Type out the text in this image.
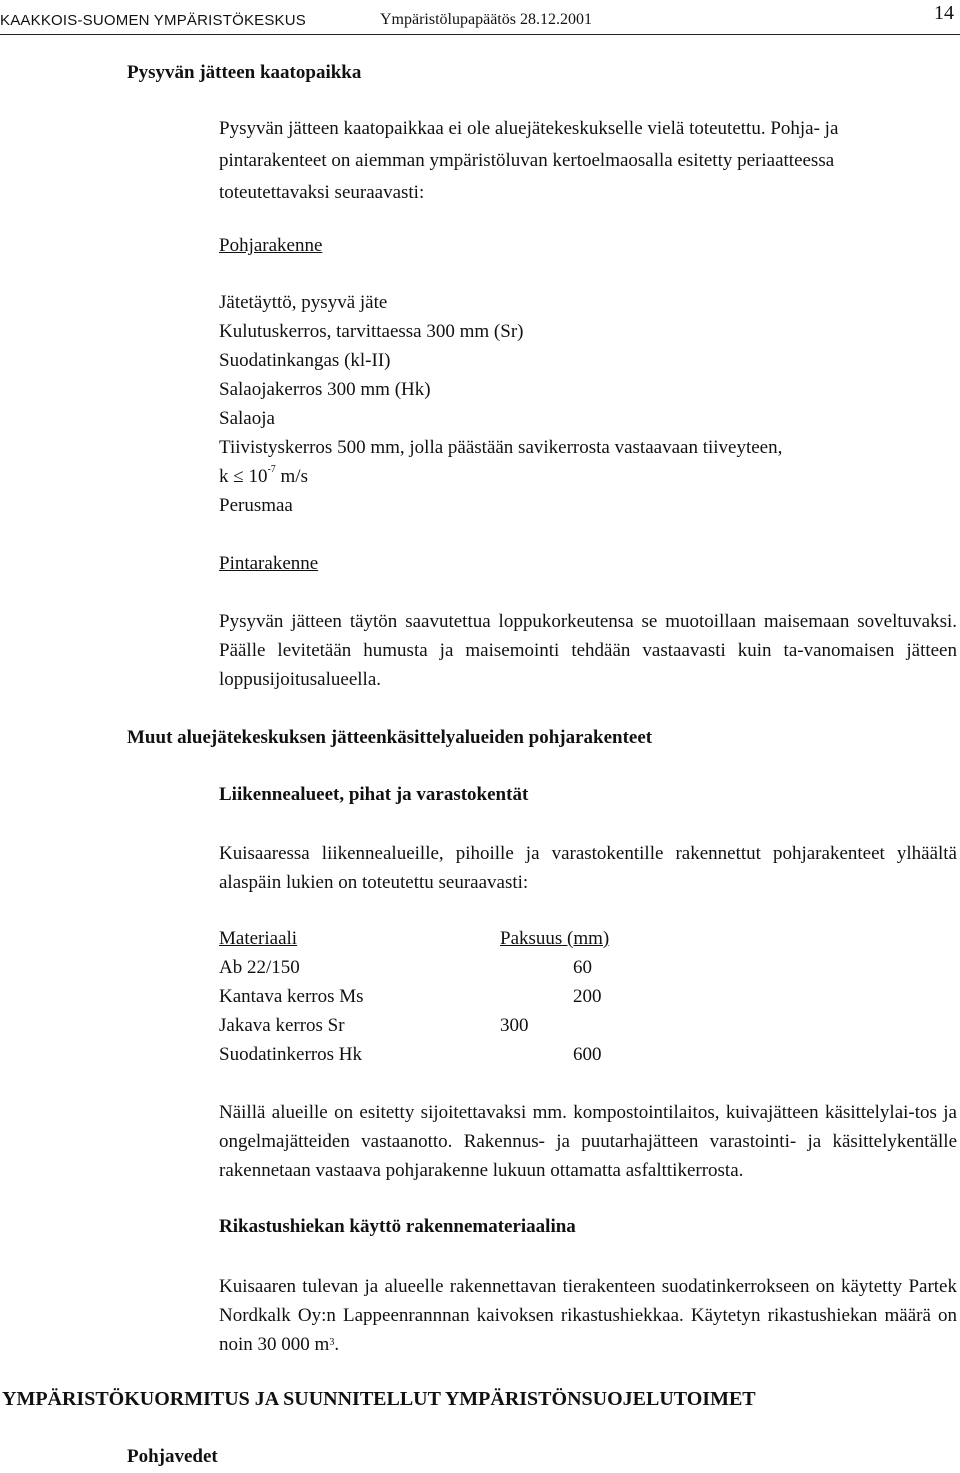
KAAKKOIS-SUOMEN YMPÄRISTÖKESKUS	Ympäristölupapäätös 28.12.2001	14
Pysyvän jätteen kaatopaikka
Pysyvän jätteen kaatopaikkaa ei ole aluejätekeskukselle vielä toteutettu. Pohja- ja
pintarakenteet on aiemman ympäristöluvan kertoelmaosalla esitetty periaatteessa
toteutettavaksi seuraavasti:
Pohjarakenne
Jätetäyttö, pysyvä jäte
Kulutuskerros, tarvittaessa 300 mm (Sr)
Suodatinkangas (kl-II)
Salaojakerros 300 mm (Hk)
Salaoja
Tiivistyskerros 500 mm, jolla päästään savikerrosta vastaavaan tiiveyteen,
$k \le 10^{-7}$ m/s
Perusmaa
Pintarakenne
Pysyvän jätteen täytön saavutettua loppukorkeutensa se muotoillaan maisemaan soveltuvaksi. Päälle levitetään humusta ja maisemointi tehdään vastaavasti kuin ta-vanomaisen jätteen loppusijoitusalueella.
Muut aluejätekeskuksen jätteenkäsittelyalueiden pohjarakenteet
Liikennealueet, pihat ja varastokentät
Kuisaaressa liikennealueille, pihoille ja varastokentille rakennettut pohjarakenteet ylhäältä alaspäin lukien on toteutettu seuraavasti:
Materiaali	Paksuus (mm)
Ab 22/150	60
Kantava kerros Ms	200
Jakava kerros Sr	300
Suodatinkerros Hk	600
Näillä alueille on esitetty sijoitettavaksi mm. kompostointilaitos, kuivajätteen käsittelylai-tos ja ongelmajätteiden vastaanotto. Rakennus- ja puutarhajätteen varastointi- ja käsittelykentälle rakennetaan vastaava pohjarakenne lukuun ottamatta asfalttikerrosta.
Rikastushiekan käyttö rakennemateriaalina
Kuisaaren tulevan ja alueelle rakennettavan tierakenteen suodatinkerrokseen on käytetty Partek Nordkalk Oy:n Lappeenrannnan kaivoksen rikastushiekkaa. Käytetyn rikastushiekan määrä on noin 30 000 $m^3$.
YMPÄRISTÖKUORMITUS JA SUUNNITELLUT YMPÄRISTÖNSUOJELUTOIMET
Pohjavedet
